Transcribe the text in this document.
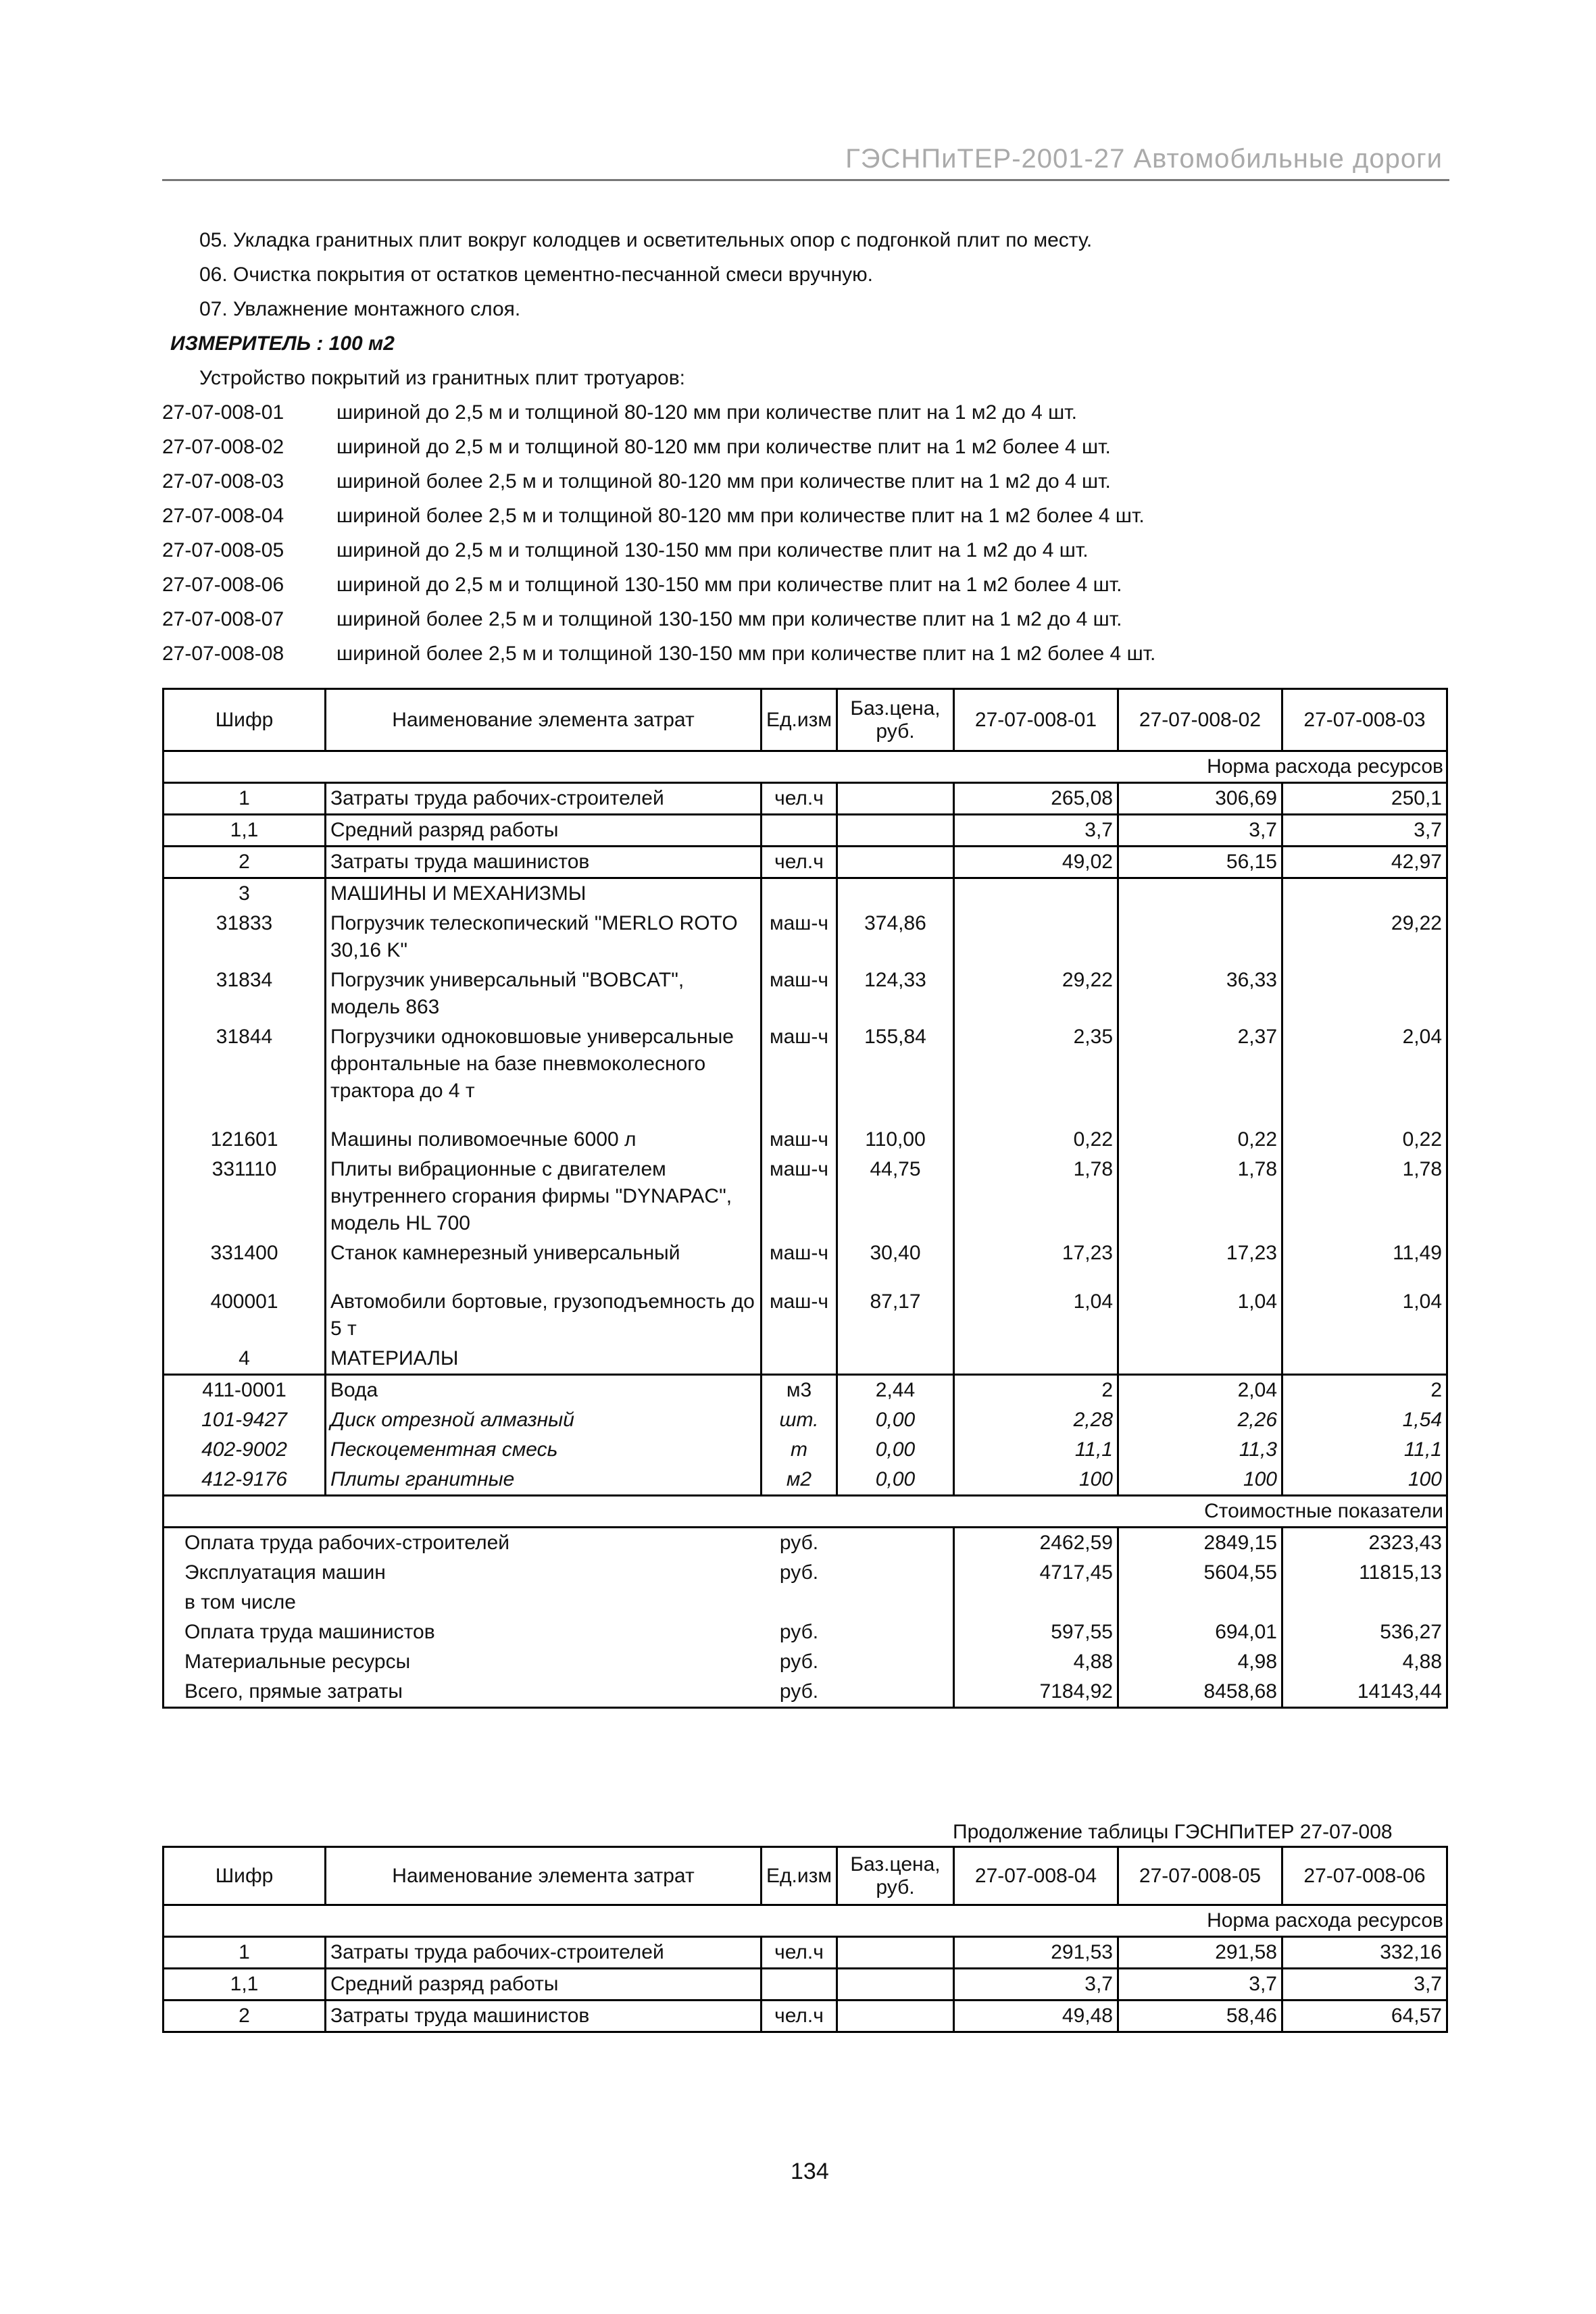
ГЭСНПиТЕР-2001-27 Автомобильные дороги
05. Укладка гранитных плит вокруг колодцев и осветительных опор с подгонкой плит по месту.
06. Очистка покрытия от остатков цементно-песчанной смеси вручную.
07. Увлажнение монтажного слоя.
ИЗМЕРИТЕЛЬ : 100 м2
Устройство покрытий из гранитных плит тротуаров:
27-07-008-01	шириной до 2,5 м и толщиной 80-120 мм при количестве плит на 1 м2 до 4 шт.
27-07-008-02	шириной до 2,5 м и толщиной 80-120 мм при количестве плит на 1 м2 более 4 шт.
27-07-008-03	шириной более 2,5 м и толщиной 80-120 мм при количестве плит на 1 м2 до 4 шт.
27-07-008-04	шириной более 2,5 м и толщиной 80-120 мм при количестве плит на 1 м2 более 4 шт.
27-07-008-05	шириной до 2,5 м и толщиной 130-150 мм при количестве плит на 1 м2 до 4 шт.
27-07-008-06	шириной до 2,5 м и толщиной 130-150 мм при количестве плит на 1 м2 более 4 шт.
27-07-008-07	шириной более 2,5 м и толщиной 130-150 мм при количестве плит на 1 м2 до 4 шт.
27-07-008-08	шириной более 2,5 м и толщиной 130-150 мм при количестве плит на 1 м2 более 4 шт.
Шифр	Наименование элемента затрат	Ед.изм	Баз.цена, руб.	27-07-008-01	27-07-008-02	27-07-008-03
Норма расхода ресурсов						
1	Затраты труда рабочих-строителей	чел.ч		265,08	306,69	250,1
1,1	Средний разряд работы			3,7	3,7	3,7
2	Затраты труда машинистов	чел.ч		49,02	56,15	42,97
3	МАШИНЫ И МЕХАНИЗМЫ					
31833	Погрузчик телескопический "MERLO ROTO 30,16 K"	маш-ч	374,86			29,22
31834	Погрузчик универсальный "BOBCAT", модель 863	маш-ч	124,33	29,22	36,33	
31844	Погрузчики одноковшовые универсальные фронтальные на базе пневмоколесного трактора до 4 т	маш-ч	155,84	2,35	2,37	2,04
121601	Машины поливомоечные 6000 л	маш-ч	110,00	0,22	0,22	0,22
331110	Плиты вибрационные с двигателем внутреннего сгорания фирмы "DYNAPAC", модель HL 700	маш-ч	44,75	1,78	1,78	1,78
331400	Станок камнерезный универсальный	маш-ч	30,40	17,23	17,23	11,49
400001	Автомобили бортовые, грузоподъемность до 5 т	маш-ч	87,17	1,04	1,04	1,04
4	МАТЕРИАЛЫ					
411-0001	Вода	м3	2,44	2	2,04	2
101-9427	Диск отрезной алмазный	шт.	0,00	2,28	2,26	1,54
402-9002	Пескоцементная смесь	т	0,00	11,1	11,3	11,1
412-9176	Плиты гранитные	м2	0,00	100	100	100
Стоимостные показатели						
Оплата труда рабочих-строителей		руб.		2462,59	2849,15	2323,43
Эксплуатация машин		руб.		4717,45	5604,55	11815,13
в том числе						
Оплата труда машинистов		руб.		597,55	694,01	536,27
Материальные ресурсы		руб.		4,88	4,98	4,88
Всего, прямые затраты		руб.		7184,92	8458,68	14143,44
Продолжение таблицы ГЭСНПиТЕР 27-07-008
Шифр	Наименование элемента затрат	Ед.изм	Баз.цена, руб.	27-07-008-04	27-07-008-05	27-07-008-06
Норма расхода ресурсов						
1	Затраты труда рабочих-строителей	чел.ч		291,53	291,58	332,16
1,1	Средний разряд работы			3,7	3,7	3,7
2	Затраты труда машинистов	чел.ч		49,48	58,46	64,57
134
